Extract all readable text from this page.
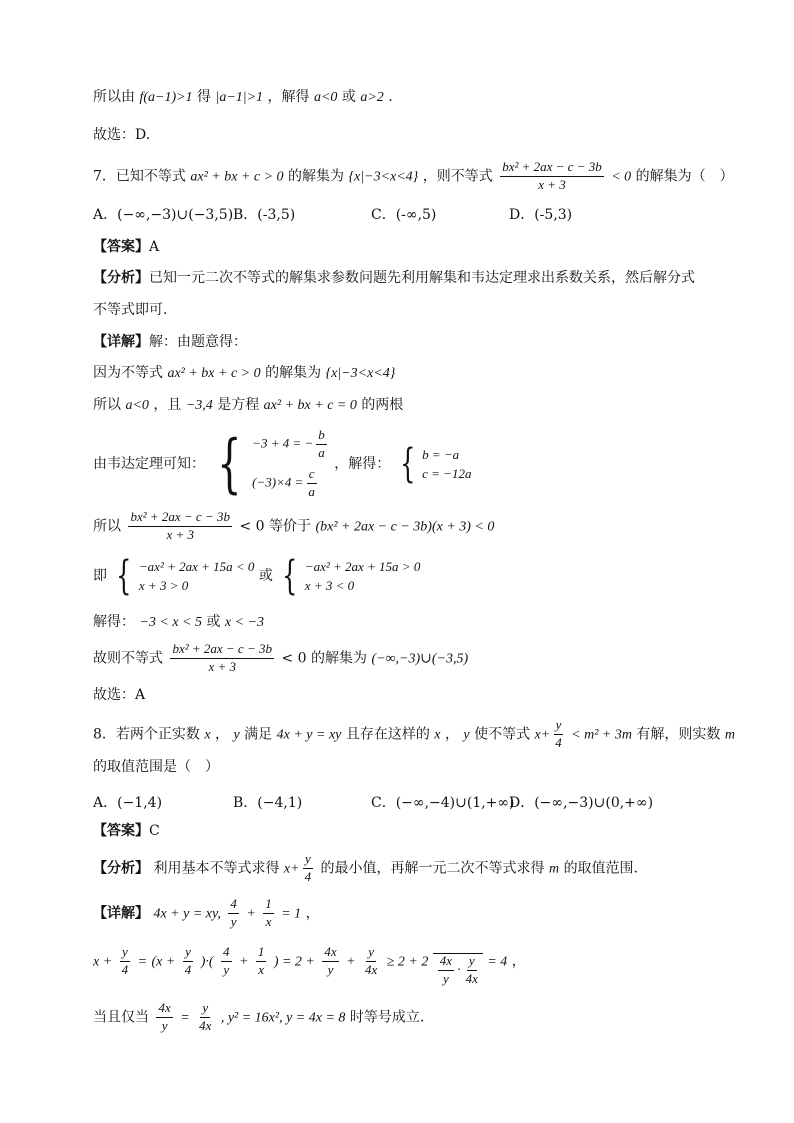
所以由 f(a−1)>1 得 |a−1|>1 ，解得 a<0 或 a>2 .
故选：D.
7．已知不等式 ax² + bx + c > 0 的解集为 {x|−3<x<4} ，则不等式 $\frac{\text{bx² + 2ax − c − 3b}}{x + 3} < 0$ 的解集为（　）
A．(−∞,−3)∪(−3,5) B．(-3,5)	C．(-∞,5)	D．(-5,3)
【答案】A
【分析】已知一元二次不等式的解集求参数问题先利用解集和韦达定理求出系数关系，然后解分式
不等式即可.
【详解】解：由题意得：
因为不等式 ax² + bx + c > 0 的解集为 {x|−3<x<4}
所以 a<0 ，且 −3,4 是方程 ax² + bx + c = 0 的两根
由韦达定理可知： { −3 + 4 = − $\frac{b}{a}$
$(-3)\times 4 = \frac{c}{a}$
，解得： { b = −a
c = −12a
所以 $\frac{\text{bx² + 2ax − c − 3b}}{x + 3} < 0$ 等价于 (bx² + 2ax − c − 3b)(x + 3) < 0
即 { −ax² + 2ax + 15a < 0
x + 3 > 0
或 { −ax² + 2ax + 15a > 0
x + 3 < 0
解得： −3 < x < 5 或 x < −3
故则不等式 $\frac{\text{bx² + 2ax − c − 3b}}{x + 3} < 0$ 的解集为 (−∞,−3)∪(−3,5)
故选：A
8．若两个正实数 x ， y 满足 4x + y = xy 且存在这样的 x ， y 使不等式 $x+ \frac{y}{4} < m^2 + 3m$ 有解，则实数 m
的取值范围是（　）
A．(−1,4)	B．(−4,1)	C．(−∞,−4)∪(1,+∞)
D．(−∞,−3)∪(0,+∞)
【答案】C
【分析】 利用基本不等式求得 $x+ \frac{y}{4}$ 的最小值，再解一元二次不等式求得 m 的取值范围.
【详解】 4x + y = xy, $\frac{4}{y} + \frac{1}{x} = 1$ ，
$x + \frac{y}{4} = (x + \frac{y}{4}$ )·( $\frac{4}{y} + \frac{1}{x}$ ) = $2 + \frac{4x}{y} + \frac{y}{4x} \ge 2 + 2 \frac{4x}{y} \cdot \frac{y}{4x} = 4$ ，
当且仅当 $\frac{4x}{y} = \frac{y}{4x}$ , y² = 16x², y = 4x = 8 时等号成立.
